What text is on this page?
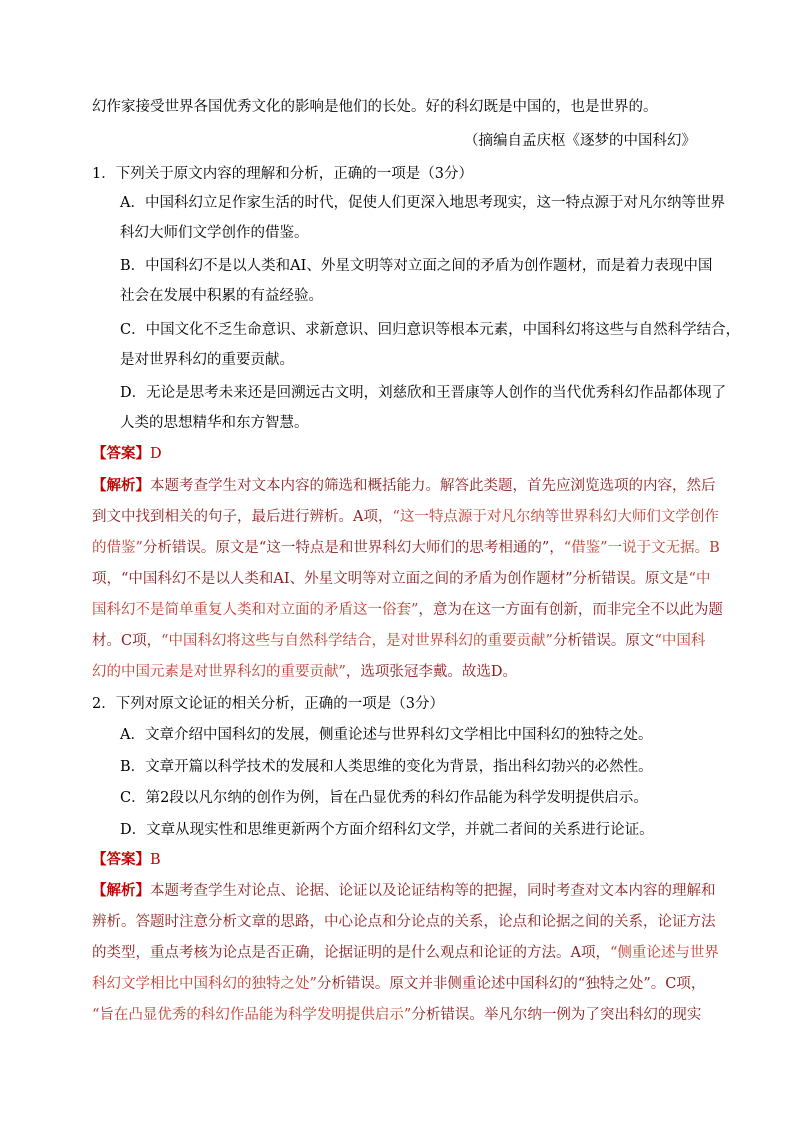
幻作家接受世界各国优秀文化的影响是他们的长处。好的科幻既是中国的，也是世界的。
（摘编自孟庆枢《逐梦的中国科幻》
1．下列关于原文内容的理解和分析，正确的一项是（3分）
A．中国科幻立足作家生活的时代，促使人们更深入地思考现实，这一特点源于对凡尔纳等世界
科幻大师们文学创作的借鉴。
B．中国科幻不是以人类和AI、外星文明等对立面之间的矛盾为创作题材，而是着力表现中国
社会在发展中积累的有益经验。
C．中国文化不乏生命意识、求新意识、回归意识等根本元素，中国科幻将这些与自然科学结合，
是对世界科幻的重要贡献。
D．无论是思考未来还是回溯远古文明，刘慈欣和王晋康等人创作的当代优秀科幻作品都体现了
人类的思想精华和东方智慧。
【答案】D
【解析】本题考查学生对文本内容的筛选和概括能力。解答此类题，首先应浏览选项的内容，然后
到文中找到相关的句子，最后进行辨析。A项，“这一特点源于对凡尔纳等世界科幻大师们文学创作
的借鉴”分析错误。原文是“这一特点是和世界科幻大师们的思考相通的”，“借鉴”一说于文无据。B
项，“中国科幻不是以人类和AI、外星文明等对立面之间的矛盾为创作题材”分析错误。原文是“中
国科幻不是简单重复人类和对立面的矛盾这一俗套”，意为在这一方面有创新，而非完全不以此为题
材。C项，“中国科幻将这些与自然科学结合，是对世界科幻的重要贡献”分析错误。原文“中国科
幻的中国元素是对世界科幻的重要贡献”，选项张冠李戴。故选D。
2．下列对原文论证的相关分析，正确的一项是（3分）
A．文章介绍中国科幻的发展，侧重论述与世界科幻文学相比中国科幻的独特之处。
B．文章开篇以科学技术的发展和人类思维的变化为背景，指出科幻勃兴的必然性。
C．第2段以凡尔纳的创作为例，旨在凸显优秀的科幻作品能为科学发明提供启示。
D．文章从现实性和思维更新两个方面介绍科幻文学，并就二者间的关系进行论证。
【答案】B
【解析】本题考查学生对论点、论据、论证以及论证结构等的把握，同时考查对文本内容的理解和
辨析。答题时注意分析文章的思路，中心论点和分论点的关系，论点和论据之间的关系，论证方法
的类型，重点考核为论点是否正确，论据证明的是什么观点和论证的方法。A项，“侧重论述与世界
科幻文学相比中国科幻的独特之处”分析错误。原文并非侧重论述中国科幻的“独特之处”。C项，
“旨在凸显优秀的科幻作品能为科学发明提供启示”分析错误。举凡尔纳一例为了突出科幻的现实
